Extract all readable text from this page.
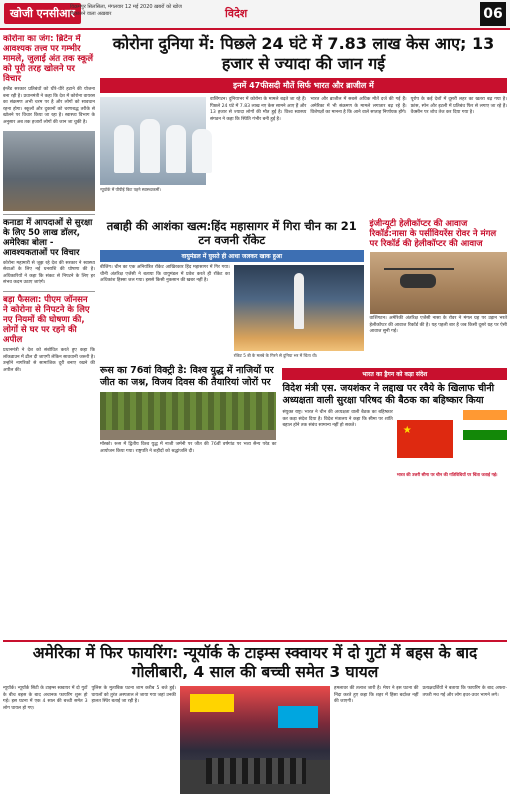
खोजी एनसीआर
विक्रमपुर सिलसिला, मंगलवार 12 मई 2020 ख़बरों को खोज निकालने वाला अख़बार	विदेश	06
कोरोना का जंग: ब्रिटेन में आवश्यक तत्त्व पर गम्भीर मामले, जुलाई अंत तक स्कूलें को पूरी तरह खोलने पर विचार
इंग्लैंड सरकार प्रतिबंधों को धीरे-धीरे हटाने की योजना बना रही है। प्रधानमंत्री ने कहा कि देश में कोरोना वायरस का संक्रमण अभी चरम पर है और लोगों को सावधान रहना होगा। स्कूलों और दुकानों को चरणबद्ध तरीके से खोलने पर विचार किया जा रहा है। स्वास्थ्य विभाग के अनुसार अब तक हजारों लोगों की जान जा चुकी है।
कनाडा में आपदाओं से सुरक्षा के लिए 50 लाख डॉलर, अमेरिका बोला - आवश्यकताओं पर विचार
कोरोना महामारी से जूझ रहे देश की सरकार ने स्वास्थ्य सेवाओं के लिए नई धनराशि की घोषणा की है। अधिकारियों ने कहा कि संकट से निपटने के लिए हर संभव कदम उठाए जाएंगे।
बड़ा फैसला: पीएम जॉनसन ने कोरोना से निपटने के लिए नए नियमों की घोषणा की, लोगों से घर पर रहने की अपील
प्रधानमंत्री ने देश को संबोधित करते हुए कहा कि लॉकडाउन में ढील दी जाएगी लेकिन सावधानी जरूरी है। उन्होंने नागरिकों से सामाजिक दूरी बनाए रखने की अपील की।
कोरोना दुनिया में: पिछले 24 घंटे में 7.83 लाख केस आए; 13 हजार से ज्यादा की जान गई
इनमें 47फीसदी मौतें सिर्फ भारत और ब्राजील में
न्यूयॉर्क में पीपीई किट पहने स्वास्थ्यकर्मी।
वाशिंगटन। दुनियाभर में कोरोना के मामले बढ़ते जा रहे हैं। पिछले 24 घंटे में 7.83 लाख नए केस सामने आए हैं और 13 हजार से ज्यादा लोगों की मौत हुई है। विश्व स्वास्थ्य संगठन ने कहा कि स्थिति गंभीर बनी हुई है।
भारत और ब्राजील में सबसे अधिक मौतें दर्ज की गई हैं। अमेरिका में भी संक्रमण के मामले लगातार बढ़ रहे हैं। विशेषज्ञों का मानना है कि आने वाले सप्ताह निर्णायक होंगे।
यूरोप के कई देशों में दूसरी लहर का खतरा बढ़ गया है। फ्रांस, स्पेन और इटली में प्रतिबंध फिर से लगाए जा रहे हैं। वैक्सीन पर शोध तेज कर दिया गया है।
तबाही की आशंका खत्म:हिंद महासागर में गिरा चीन का 21 टन वजनी रॉकेट
वायुमंडल में घुसते ही आधा जलकर खाक हुआ
बीजिंग। चीन का एक अनियंत्रित रॉकेट आखिरकार हिंद महासागर में गिर गया। चीनी अंतरिक्ष एजेंसी ने बताया कि वायुमंडल में प्रवेश करते ही रॉकेट का अधिकांश हिस्सा जल गया। इससे किसी नुकसान की खबर नहीं है।
रॉकेट 5 बी के मलबे के गिरने से दुनिया भर में चिंता थी।
इंजीन्यूटी हेलीकॉप्टर की आवाज रिकॉर्ड:नासा के पर्सीवियरेंस रोवर ने मंगल पर रिकॉर्ड की हेलीकॉप्टर की आवाज
वाशिंगटन। अमेरिकी अंतरिक्ष एजेंसी नासा के रोवर ने मंगल ग्रह पर उड़ान भरते हेलीकॉप्टर की आवाज रिकॉर्ड की है। यह पहली बार है जब किसी दूसरे ग्रह पर ऐसी आवाज सुनी गई।
रूस का 76वां विक्ट्री डे: विश्व युद्ध में नाजियों पर जीत का जश्न, विजय दिवस की तैयारियां जोरों पर
मॉस्को। रूस में द्वितीय विश्व युद्ध में नाजी जर्मनी पर जीत की 76वीं वर्षगांठ पर भव्य सैन्य परेड का आयोजन किया गया। राष्ट्रपति ने शहीदों को श्रद्धांजलि दी।
भारत का ड्रैगन को कड़ा संदेश
विदेश मंत्री एस. जयशंकर ने लद्दाख पर रवैये के खिलाफ चीनी अध्यक्षता वाली सुरक्षा परिषद की बैठक का बहिष्कार किया
संयुक्त राष्ट्र। भारत ने चीन की अध्यक्षता वाली बैठक का बहिष्कार कर कड़ा संदेश दिया है। विदेश मंत्रालय ने कहा कि सीमा पर शांति बहाल होने तक संबंध सामान्य नहीं हो सकते।	★
भारत की उत्तरी सीमा पर चीन की गतिविधियों पर चिंता जताई गई।
अमेरिका में फिर फायरिंग: न्यूयॉर्क के टाइम्स स्क्वायर में दो गुटों में बहस के बाद गोलीबारी, 4 साल की बच्ची समेत 3 घायल
न्यूयॉर्क। न्यूयॉर्क सिटी के टाइम्स स्क्वायर में दो गुटों के बीच बहस के बाद अचानक फायरिंग शुरू हो गई। इस घटना में एक 4 साल की बच्ची समेत 3 लोग घायल हो गए।
पुलिस के मुताबिक घटना शाम करीब 5 बजे हुई। घायलों को तुरंत अस्पताल ले जाया गया जहां उनकी हालत स्थिर बताई जा रही है।
हमलावर की तलाश जारी है। मेयर ने इस घटना की निंदा करते हुए कहा कि शहर में हिंसा बर्दाश्त नहीं की जाएगी।
प्रत्यक्षदर्शियों ने बताया कि फायरिंग के बाद अफरा-तफरी मच गई और लोग इधर-उधर भागने लगे।
